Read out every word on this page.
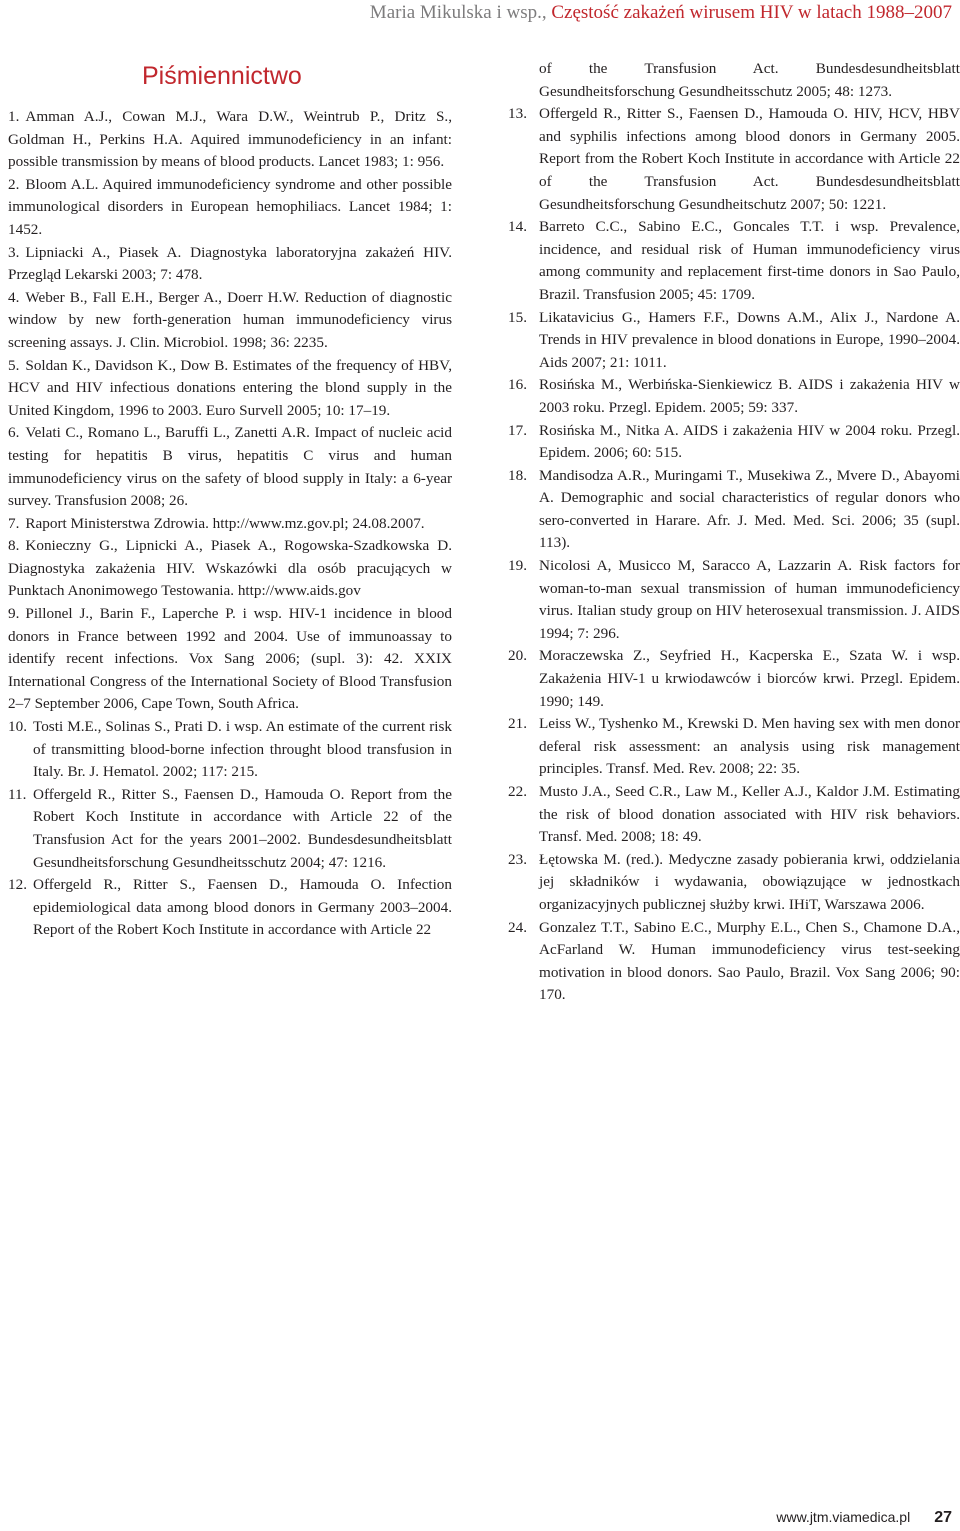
Maria Mikulska i wsp., Częstość zakażeń wirusem HIV w latach 1988–2007
Piśmiennictwo
1. Amman A.J., Cowan M.J., Wara D.W., Weintrub P., Dritz S., Goldman H., Perkins H.A. Aquired immunodeficiency in an infant: possible transmission by means of blood products. Lancet 1983; 1: 956.
2. Bloom A.L. Aquired immunodeficiency syndrome and other possible immunological disorders in European hemophiliacs. Lancet 1984; 1: 1452.
3. Lipniacki A., Piasek A. Diagnostyka laboratoryjna zakażeń HIV. Przegląd Lekarski 2003; 7: 478.
4. Weber B., Fall E.H., Berger A., Doerr H.W. Reduction of diagnostic window by new forth-generation human immunodeficiency virus screening assays. J. Clin. Microbiol. 1998; 36: 2235.
5. Soldan K., Davidson K., Dow B. Estimates of the frequency of HBV, HCV and HIV infectious donations entering the blond supply in the United Kingdom, 1996 to 2003. Euro Survell 2005; 10: 17–19.
6. Velati C., Romano L., Baruffi L., Zanetti A.R. Impact of nucleic acid testing for hepatitis B virus, hepatitis C virus and human immunodeficiency virus on the safety of blood supply in Italy: a 6-year survey. Transfusion 2008; 26.
7. Raport Ministerstwa Zdrowia. http://www.mz.gov.pl; 24.08.2007.
8. Konieczny G., Lipnicki A., Piasek A., Rogowska-Szadkowska D. Diagnostyka zakażenia HIV. Wskazówki dla osób pracujących w Punktach Anonimowego Testowania. http://www.aids.gov
9. Pillonel J., Barin F., Laperche P. i wsp. HIV-1 incidence in blood donors in France between 1992 and 2004. Use of immunoassay to identify recent infections. Vox Sang 2006; (supl. 3): 42. XXIX International Congress of the International Society of Blood Transfusion 2–7 September 2006, Cape Town, South Africa.
10. Tosti M.E., Solinas S., Prati D. i wsp. An estimate of the current risk of transmitting blood-borne infection throught blood transfusion in Italy. Br. J. Hematol. 2002; 117: 215.
11. Offergeld R., Ritter S., Faensen D., Hamouda O. Report from the Robert Koch Institute in accordance with Article 22 of the Transfusion Act for the years 2001–2002. Bundesdesundheitsblatt Gesundheitsforschung Gesundheitsschutz 2004; 47: 1216.
12. Offergeld R., Ritter S., Faensen D., Hamouda O. Infection epidemiological data among blood donors in Germany 2003–2004. Report of the Robert Koch Institute in accordance with Article 22
of the Transfusion Act. Bundesdesundheitsblatt Gesundheitsforschung Gesundheitsschutz 2005; 48: 1273.
13. Offergeld R., Ritter S., Faensen D., Hamouda O. HIV, HCV, HBV and syphilis infections among blood donors in Germany 2005. Report from the Robert Koch Institute in accordance with Article 22 of the Transfusion Act. Bundesdesundheitsblatt Gesundheitsforschung Gesundheitschutz 2007; 50: 1221.
14. Barreto C.C., Sabino E.C., Goncales T.T. i wsp. Prevalence, incidence, and residual risk of Human immunodeficiency virus among community and replacement first-time donors in Sao Paulo, Brazil. Transfusion 2005; 45: 1709.
15. Likatavicius G., Hamers F.F., Downs A.M., Alix J., Nardone A. Trends in HIV prevalence in blood donations in Europe, 1990–2004. Aids 2007; 21: 1011.
16. Rosińska M., Werbińska-Sienkiewicz B. AIDS i zakażenia HIV w 2003 roku. Przegl. Epidem. 2005; 59: 337.
17. Rosińska M., Nitka A. AIDS i zakażenia HIV w 2004 roku. Przegl. Epidem. 2006; 60: 515.
18. Mandisodza A.R., Muringami T., Musekiwa Z., Mvere D., Abayomi A. Demographic and social characteristics of regular donors who sero-converted in Harare. Afr. J. Med. Med. Sci. 2006; 35 (supl. 113).
19. Nicolosi A, Musicco M, Saracco A, Lazzarin A. Risk factors for woman-to-man sexual transmission of human immunodeficiency virus. Italian study group on HIV heterosexual transmission. J. AIDS 1994; 7: 296.
20. Moraczewska Z., Seyfried H., Kacperska E., Szata W. i wsp. Zakażenia HIV-1 u krwiodawców i biorców krwi. Przegl. Epidem. 1990; 149.
21. Leiss W., Tyshenko M., Krewski D. Men having sex with men donor deferal risk assessment: an analysis using risk management principles. Transf. Med. Rev. 2008; 22: 35.
22. Musto J.A., Seed C.R., Law M., Keller A.J., Kaldor J.M. Estimating the risk of blood donation associated with HIV risk behaviors. Transf. Med. 2008; 18: 49.
23. Łętowska M. (red.). Medyczne zasady pobierania krwi, oddzielania jej składników i wydawania, obowiązujące w jednostkach organizacyjnych publicznej służby krwi. IHiT, Warszawa 2006.
24. Gonzalez T.T., Sabino E.C., Murphy E.L., Chen S., Chamone D.A., AcFarland W. Human immunodeficiency virus test-seeking motivation in blood donors. Sao Paulo, Brazil. Vox Sang 2006; 90: 170.
www.jtm.viamedica.pl 27
